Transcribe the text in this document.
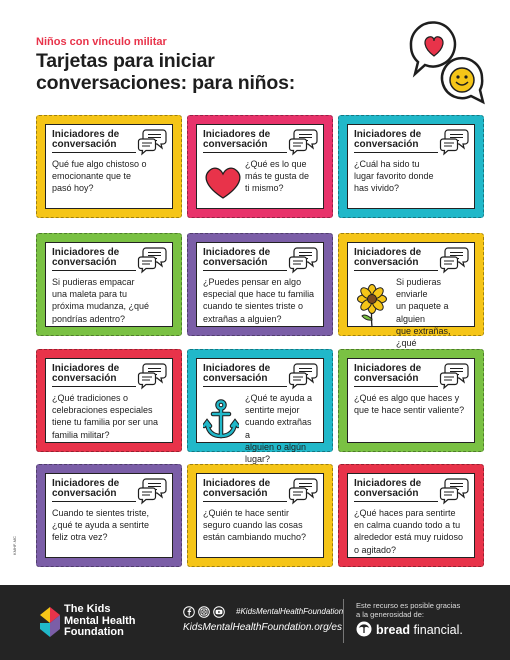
Niños con vínculo militar
Tarjetas para iniciar
conversaciones: para niños:
Iniciadores de
conversación
Qué fue algo chistoso o
emocionante que te
pasó hoy?
Iniciadores de
conversación
¿Qué es lo que
más te gusta de
ti mismo?
Iniciadores de
conversación
¿Cuál ha sido tu
lugar favorito donde
has vivido?
Iniciadores de
conversación
Si pudieras empacar
una maleta para tu
próxima mudanza, ¿qué
pondrías adentro?
Iniciadores de
conversación
¿Puedes pensar en algo
especial que hace tu familia
cuando te sientes triste o
extrañas a alguien?
Iniciadores de
conversación
Si pudieras enviarle
un paquete a alguien
que extrañas, ¿qué
Iniciadores de
conversación
¿Qué tradiciones o
celebraciones especiales
tiene tu familia por ser una
familia militar?
Iniciadores de
conversación
¿Qué te ayuda a
sentirte mejor
cuando extrañas a
alguien o algún lugar?
Iniciadores de
conversación
¿Qué es algo que haces y
que te hace sentir valiente?
Iniciadores de
conversación
Cuando te sientes triste,
¿qué te ayuda a sentirte
feliz otra vez?
Iniciadores de
conversación
¿Quién te hace sentir
seguro cuando las cosas
están cambiando mucho?
Iniciadores de
conversación
¿Qué haces para sentirte
en calma cuando todo a tu
alrededor está muy ruidoso
o agitado?
The Kids
Mental Health
Foundation
#KidsMentalHealthFoundation
KidsMentalHealthFoundation.org/es
Este recurso es posible gracias
a la generosidad de:
bread financial.
KMHF-MC
